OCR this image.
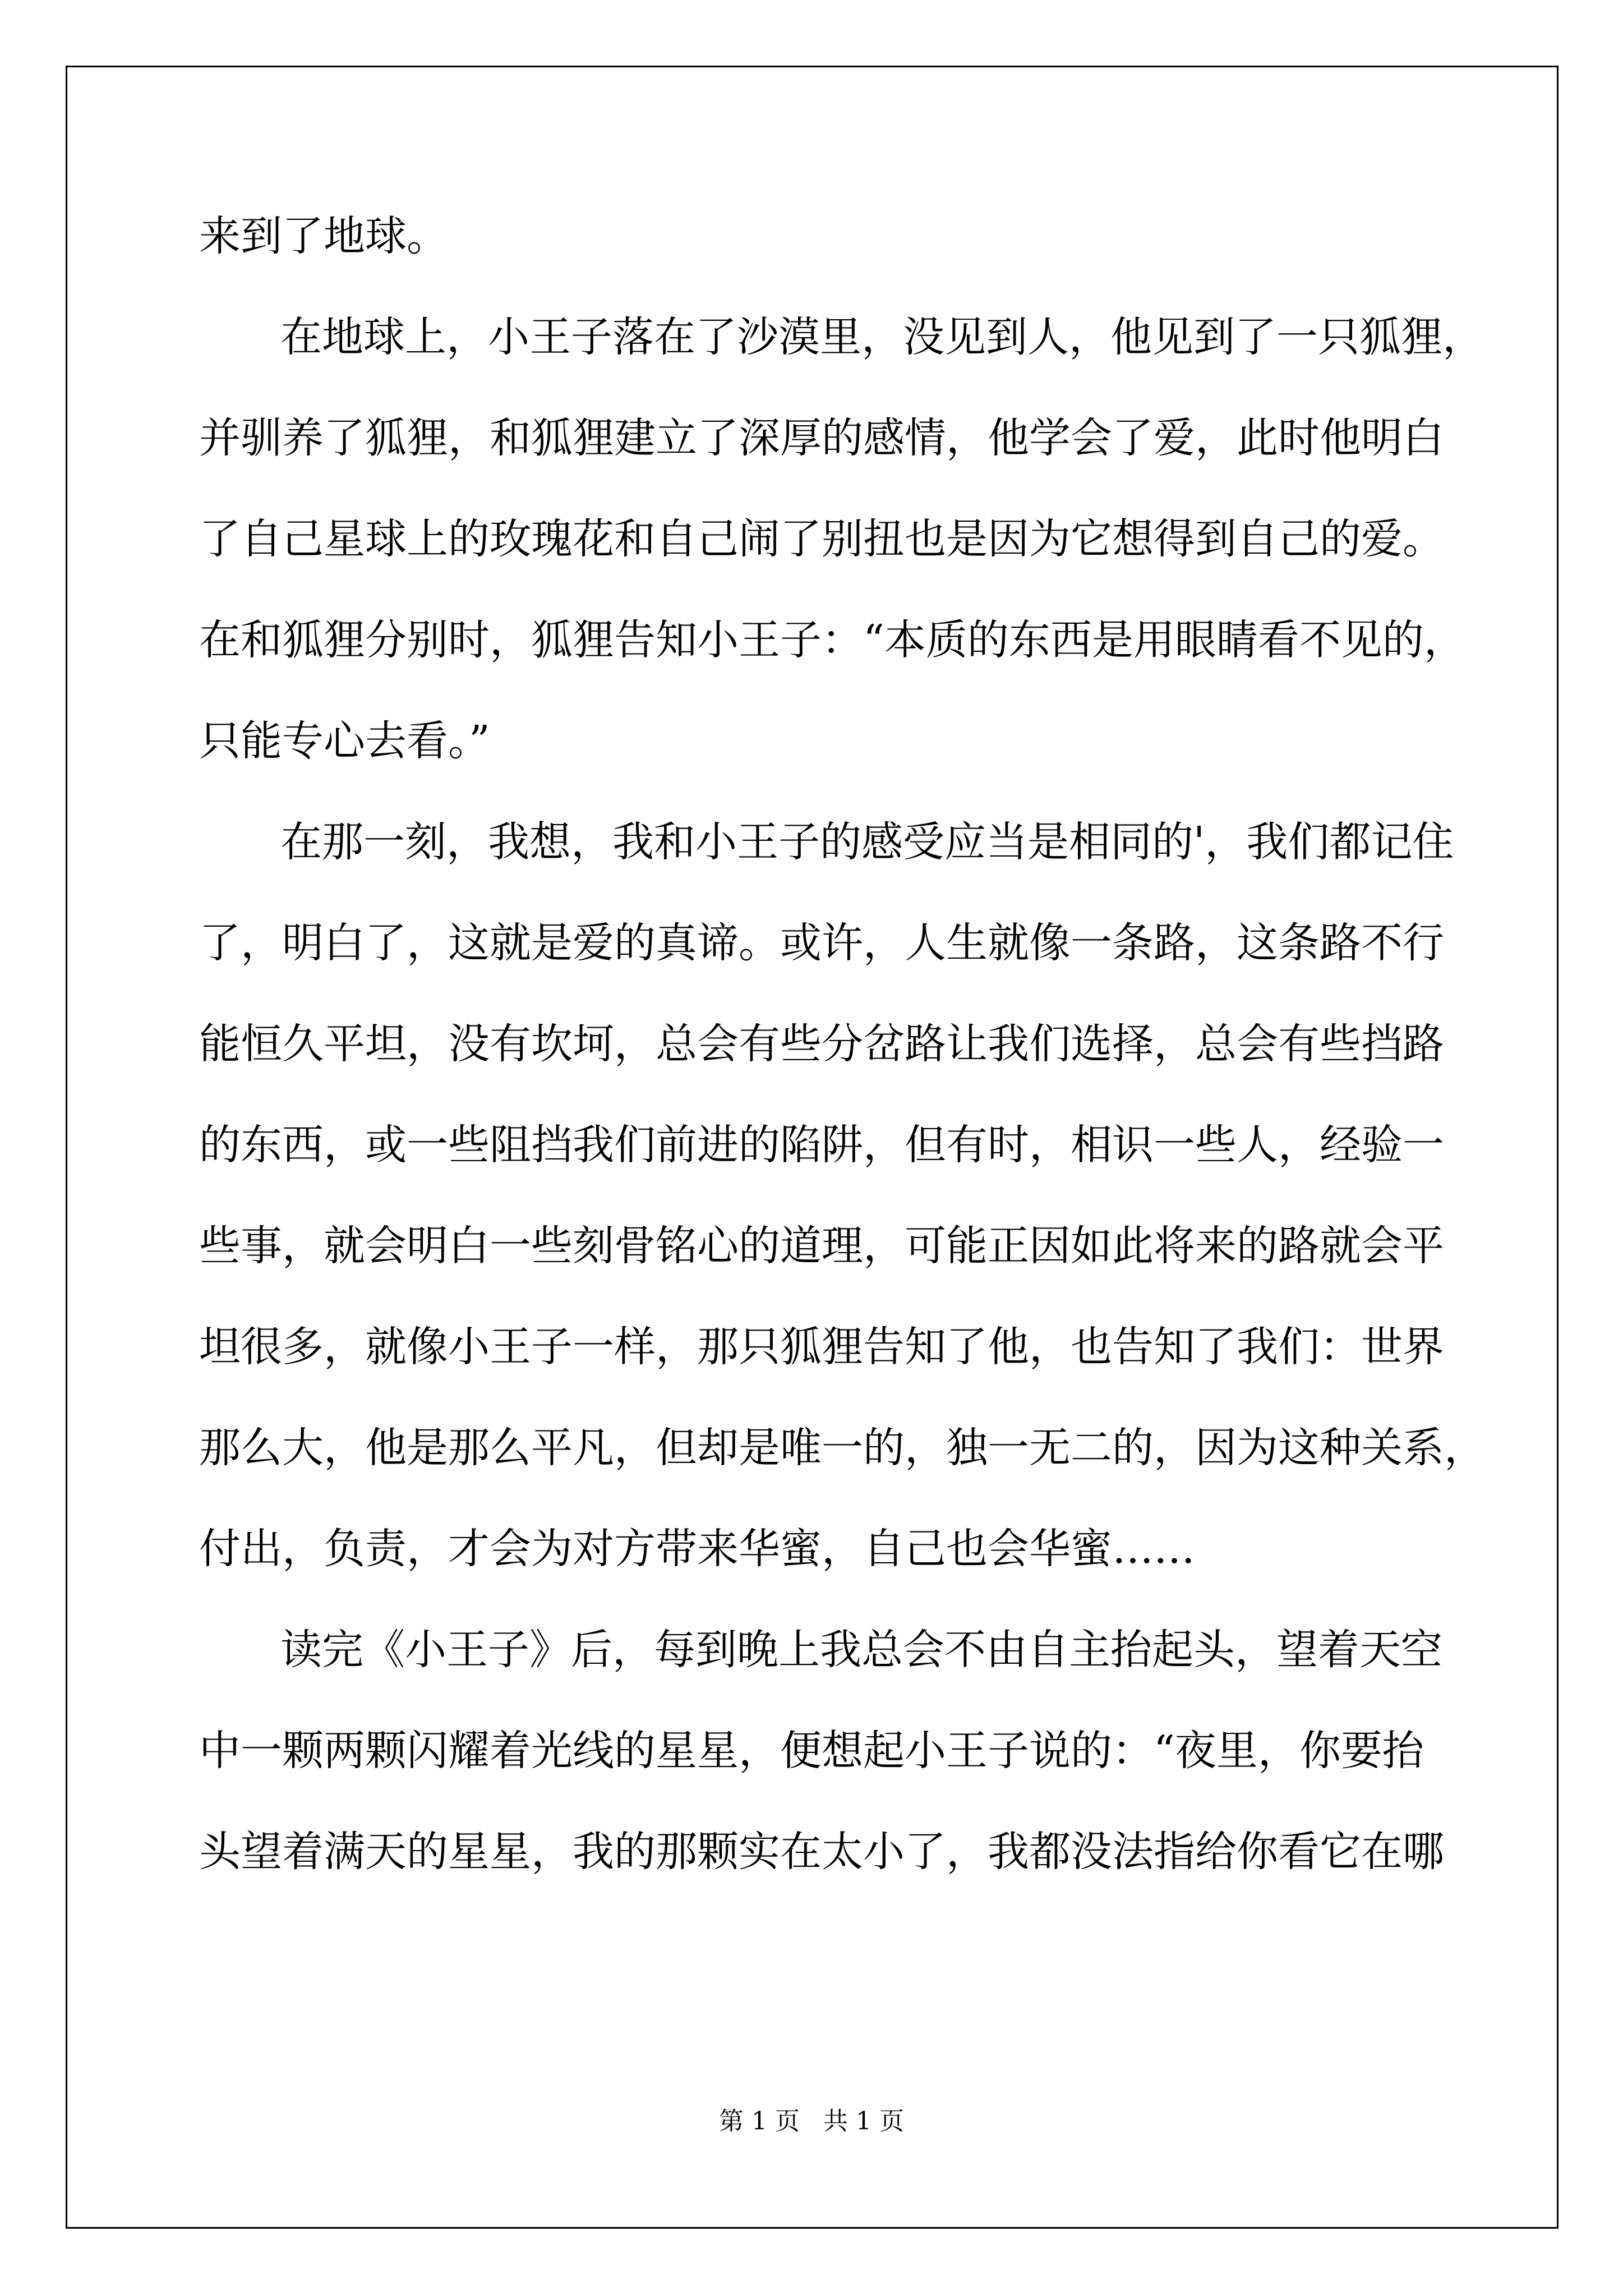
来到了地球。

在地球上，小王子落在了沙漠里，没见到人，他见到了一只狐狸，

并驯养了狐狸，和狐狸建立了深厚的感情，他学会了爱，此时他明白

了自己星球上的玫瑰花和自己闹了别扭也是因为它想得到自己的爱。

在和狐狸分别时，狐狸告知小王子：“本质的东西是用眼睛看不见的，

只能专心去看。”

在那一刻，我想，我和小王子的感受应当是相同的'，我们都记住

了，明白了，这就是爱的真谛。或许，人生就像一条路，这条路不行

能恒久平坦，没有坎坷，总会有些分岔路让我们选择，总会有些挡路

的东西，或一些阻挡我们前进的陷阱，但有时，相识一些人，经验一

些事，就会明白一些刻骨铭心的道理，可能正因如此将来的路就会平

坦很多，就像小王子一样，那只狐狸告知了他，也告知了我们：世界

那么大，他是那么平凡，但却是唯一的，独一无二的，因为这种关系，

付出，负责，才会为对方带来华蜜，自己也会华蜜……

读完《小王子》后，每到晚上我总会不由自主抬起头，望着天空

中一颗两颗闪耀着光线的星星，便想起小王子说的：“夜里，你要抬

头望着满天的星星，我的那颗实在太小了，我都没法指给你看它在哪

第 1 页   共 1 页
